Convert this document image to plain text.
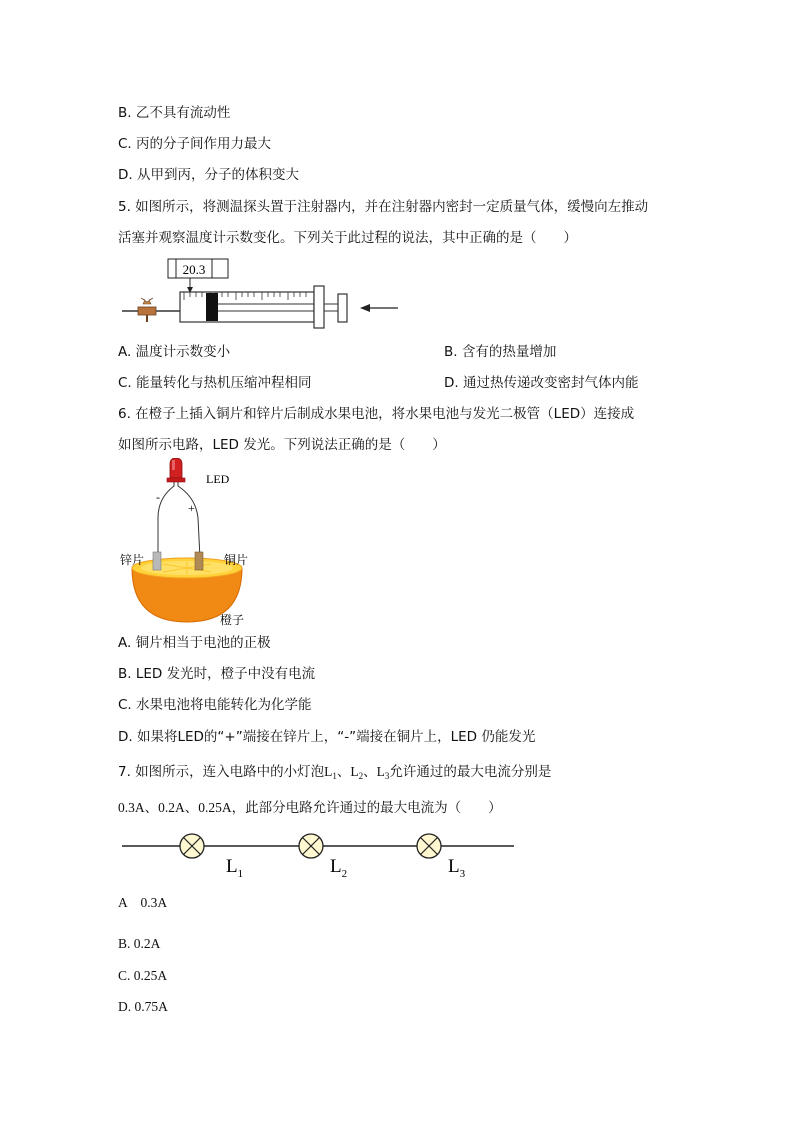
B. 乙不具有流动性
C. 丙的分子间作用力最大
D. 从甲到丙，分子的体积变大
5. 如图所示，将测温探头置于注射器内，并在注射器内密封一定质量气体，缓慢向左推动
活塞并观察温度计示数变化。下列关于此过程的说法，其中正确的是（　　）
20.3
A. 温度计示数变小	B. 含有的热量增加
C. 能量转化与热机压缩冲程相同	D. 通过热传递改变密封气体内能
6. 在橙子上插入铜片和锌片后制成水果电池，将水果电池与发光二极管（LED）连接成
如图所示电路，LED 发光。下列说法正确的是（　　）
LED
-
+
锌片	铜片
橙子
A. 铜片相当于电池的正极
B. LED 发光时，橙子中没有电流
C. 水果电池将电能转化为化学能
D. 如果将LED的“+”端接在锌片上，“-”端接在铜片上，LED 仍能发光
7. 如图所示，连入电路中的小灯泡$L_1$、$L_2$、$L_3$允许通过的最大电流分别是
0.3A、0.2A、0.25A，此部分电路允许通过的最大电流为（　　）
$L_1$	$L_2$	$L_3$
A　0.3A
B. 0.2A
C. 0.25A
D. 0.75A
